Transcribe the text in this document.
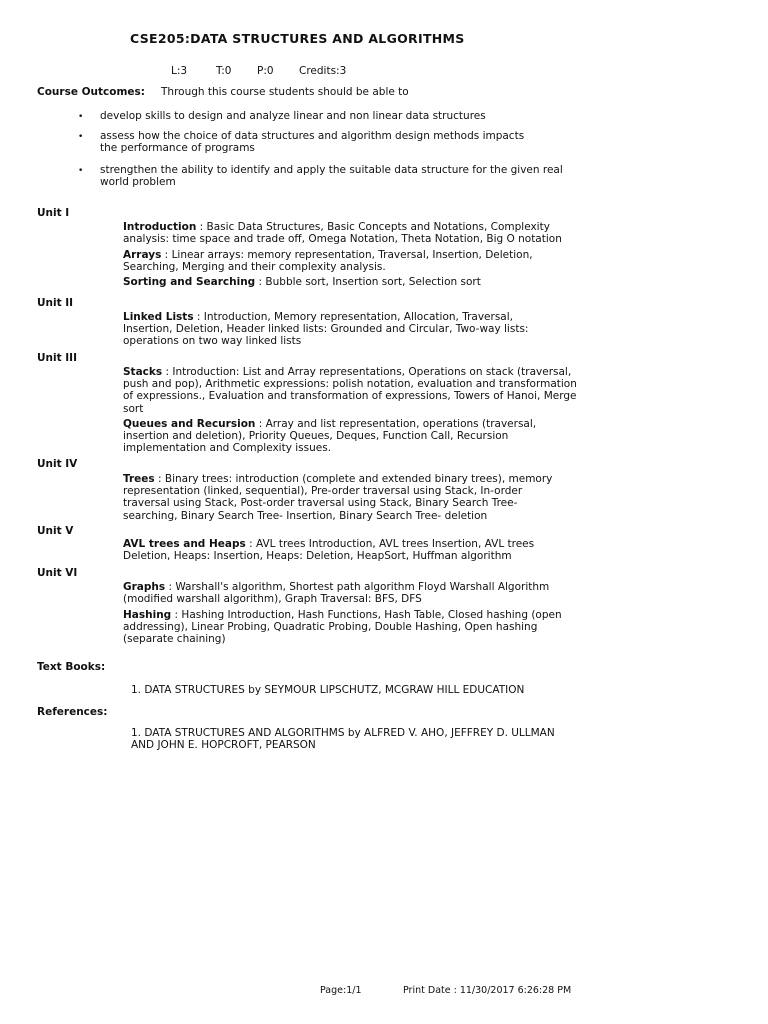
CSE205:DATA STRUCTURES AND ALGORITHMS
L:3	T:0 P:0 Credits:3
Course Outcomes: Through this course students should be able to
• develop skills to design and analyze linear and non linear data structures
• assess how the choice of data structures and algorithm design methods impacts the performance of programs
• strengthen the ability to identify and apply the suitable data structure for the given real world problem
Unit I
Introduction : Basic Data Structures, Basic Concepts and Notations, Complexity analysis: time space and trade off, Omega Notation, Theta Notation, Big O notation
Arrays : Linear arrays: memory representation, Traversal, Insertion, Deletion, Searching, Merging and their complexity analysis.
Sorting and Searching : Bubble sort, Insertion sort, Selection sort
Unit II
Linked Lists : Introduction, Memory representation, Allocation, Traversal, Insertion, Deletion, Header linked lists: Grounded and Circular, Two-way lists: operations on two way linked lists
Unit III
Stacks : Introduction: List and Array representations, Operations on stack (traversal, push and pop), Arithmetic expressions: polish notation, evaluation and transformation of expressions., Evaluation and transformation of expressions, Towers of Hanoi, Merge sort
Queues and Recursion : Array and list representation, operations (traversal, insertion and deletion), Priority Queues, Deques, Function Call, Recursion implementation and Complexity issues.
Unit IV
Trees : Binary trees: introduction (complete and extended binary trees), memory representation (linked, sequential), Pre-order traversal using Stack, In-order traversal using Stack, Post-order traversal using Stack, Binary Search Tree-searching, Binary Search Tree- Insertion, Binary Search Tree- deletion
Unit V
AVL trees and Heaps : AVL trees Introduction, AVL trees Insertion, AVL trees Deletion, Heaps: Insertion, Heaps: Deletion, HeapSort, Huffman algorithm
Unit VI
Graphs : Warshall's algorithm, Shortest path algorithm Floyd Warshall Algorithm (modified warshall algorithm), Graph Traversal: BFS, DFS
Hashing : Hashing Introduction, Hash Functions, Hash Table, Closed hashing (open addressing), Linear Probing, Quadratic Probing, Double Hashing, Open hashing (separate chaining)
Text Books:
1. DATA STRUCTURES by SEYMOUR LIPSCHUTZ, MCGRAW HILL EDUCATION
References:
1. DATA STRUCTURES AND ALGORITHMS by ALFRED V. AHO, JEFFREY D. ULLMAN AND JOHN E. HOPCROFT, PEARSON
Page:1/1	Print Date : 11/30/2017 6:26:28 PM
